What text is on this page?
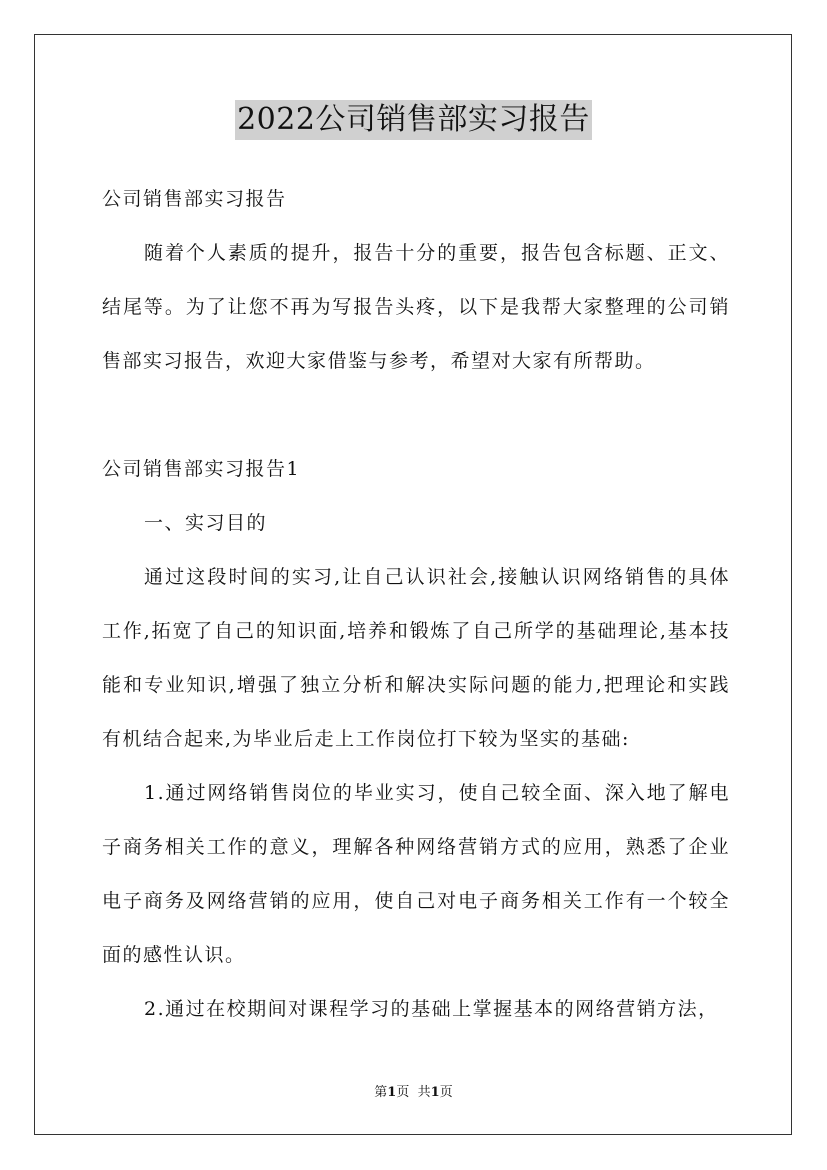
2022公司销售部实习报告

公司销售部实习报告

随着个人素质的提升，报告十分的重要，报告包含标题、正文、结尾等。为了让您不再为写报告头疼，以下是我帮大家整理的公司销售部实习报告，欢迎大家借鉴与参考，希望对大家有所帮助。

公司销售部实习报告1

一、实习目的

通过这段时间的实习,让自己认识社会,接触认识网络销售的具体工作,拓宽了自己的知识面,培养和锻炼了自己所学的基础理论,基本技能和专业知识,增强了独立分析和解决实际问题的能力,把理论和实践有机结合起来,为毕业后走上工作岗位打下较为坚实的基础:

1.通过网络销售岗位的毕业实习，使自己较全面、深入地了解电子商务相关工作的意义，理解各种网络营销方式的应用，熟悉了企业电子商务及网络营销的应用，使自己对电子商务相关工作有一个较全面的感性认识。

2.通过在校期间对课程学习的基础上掌握基本的网络营销方法，

第1页 共1页
